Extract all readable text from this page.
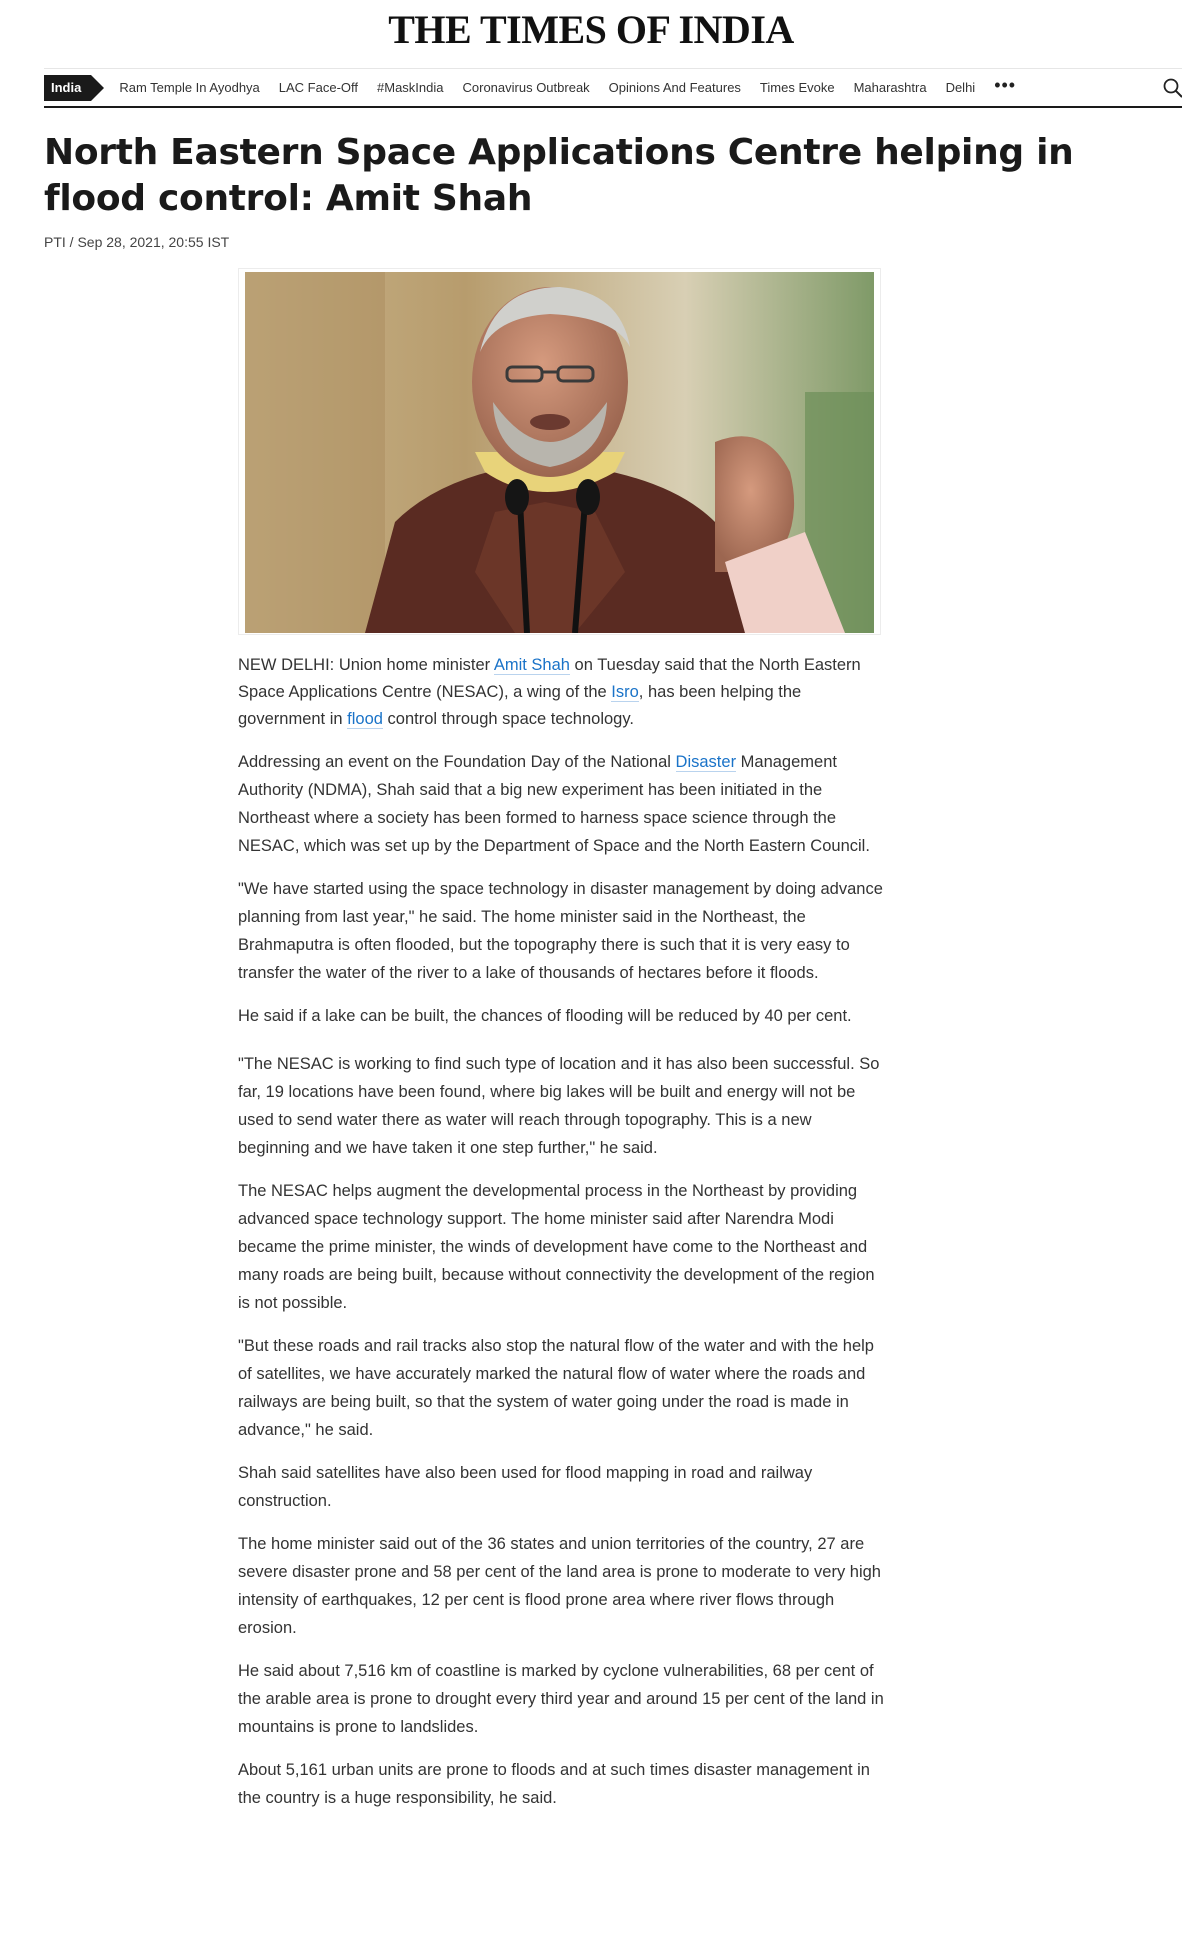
THE TIMES OF INDIA
India	Ram Temple In Ayodhya LAC Face-Off #MaskIndia Coronavirus Outbreak Opinions And Features Times Evoke Maharashtra Delhi •••
North Eastern Space Applications Centre helping in flood control: Amit Shah
PTI / Sep 28, 2021, 20:55 IST

NEW DELHI: Union home minister Amit Shah on Tuesday said that the North Eastern Space Applications Centre (NESAC), a wing of the Isro, has been helping the government in flood control through space technology.

Addressing an event on the Foundation Day of the National Disaster Management Authority (NDMA), Shah said that a big new experiment has been initiated in the Northeast where a society has been formed to harness space science through the NESAC, which was set up by the Department of Space and the North Eastern Council.

"We have started using the space technology in disaster management by doing advance planning from last year," he said. The home minister said in the Northeast, the Brahmaputra is often flooded, but the topography there is such that it is very easy to transfer the water of the river to a lake of thousands of hectares before it floods.

He said if a lake can be built, the chances of flooding will be reduced by 40 per cent.

"The NESAC is working to find such type of location and it has also been successful. So far, 19 locations have been found, where big lakes will be built and energy will not be used to send water there as water will reach through topography. This is a new beginning and we have taken it one step further," he said.

The NESAC helps augment the developmental process in the Northeast by providing advanced space technology support. The home minister said after Narendra Modi became the prime minister, the winds of development have come to the Northeast and many roads are being built, because without connectivity the development of the region is not possible.

"But these roads and rail tracks also stop the natural flow of the water and with the help of satellites, we have accurately marked the natural flow of water where the roads and railways are being built, so that the system of water going under the road is made in advance," he said.

Shah said satellites have also been used for flood mapping in road and railway construction.

The home minister said out of the 36 states and union territories of the country, 27 are severe disaster prone and 58 per cent of the land area is prone to moderate to very high intensity of earthquakes, 12 per cent is flood prone area where river flows through erosion.

He said about 7,516 km of coastline is marked by cyclone vulnerabilities, 68 per cent of the arable area is prone to drought every third year and around 15 per cent of the land in mountains is prone to landslides.

About 5,161 urban units are prone to floods and at such times disaster management in the country is a huge responsibility, he said.
